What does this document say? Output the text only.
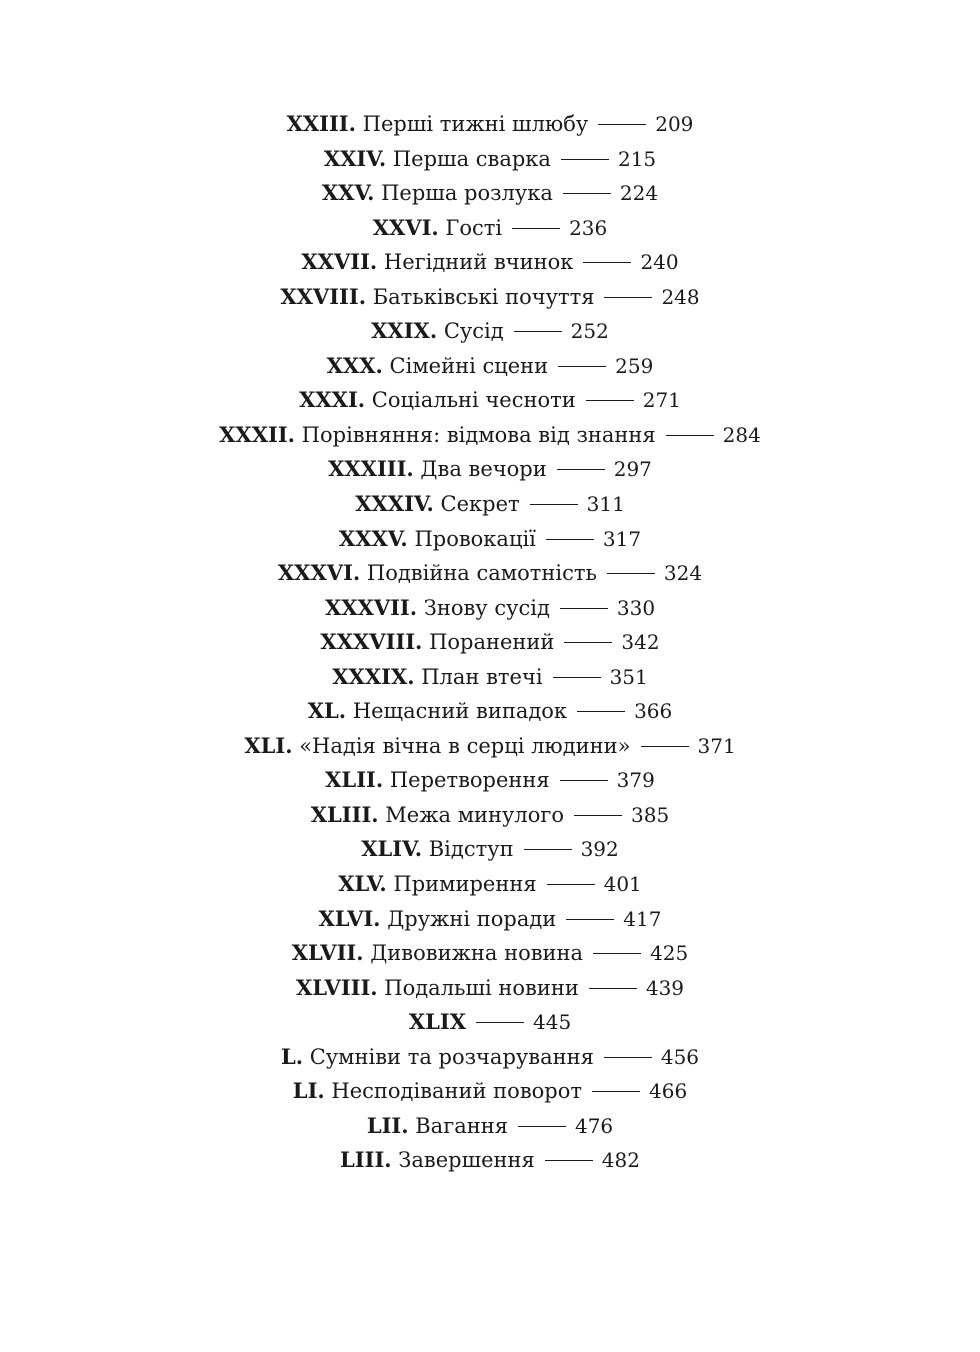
XXIII. Перші тижні шлюбу	209
XXIV. Перша сварка	215
XXV. Перша розлука	224
XXVI. Гості	236
XXVII. Негідний вчинок	240
XXVIII. Батьківські почуття	248
XXIX. Сусід	252
XXX. Сімейні сцени	259
XXXI. Соціальні чесноти	271
XXXII. Порівняння: відмова від знання	284
XXXIII. Два вечори	297
XXXIV. Секрет	311
XXXV. Провокації	317
XXXVI. Подвійна самотність	324
XXXVII. Знову сусід	330
XXXVIII. Поранений	342
XXXIX. План втечі	351
XL. Нещасний випадок	366
XLI. «Надія вічна в серці людини»	371
XLII. Перетворення	379
XLIII. Межа минулого	385
XLIV. Відступ	392
XLV. Примирення	401
XLVI. Дружні поради	417
XLVII. Дивовижна новина	425
XLVIII. Подальші новини	439
XLIX	445
L. Сумніви та розчарування	456
LI. Несподіваний поворот	466
LII. Вагання	476
LIII. Завершення	482
